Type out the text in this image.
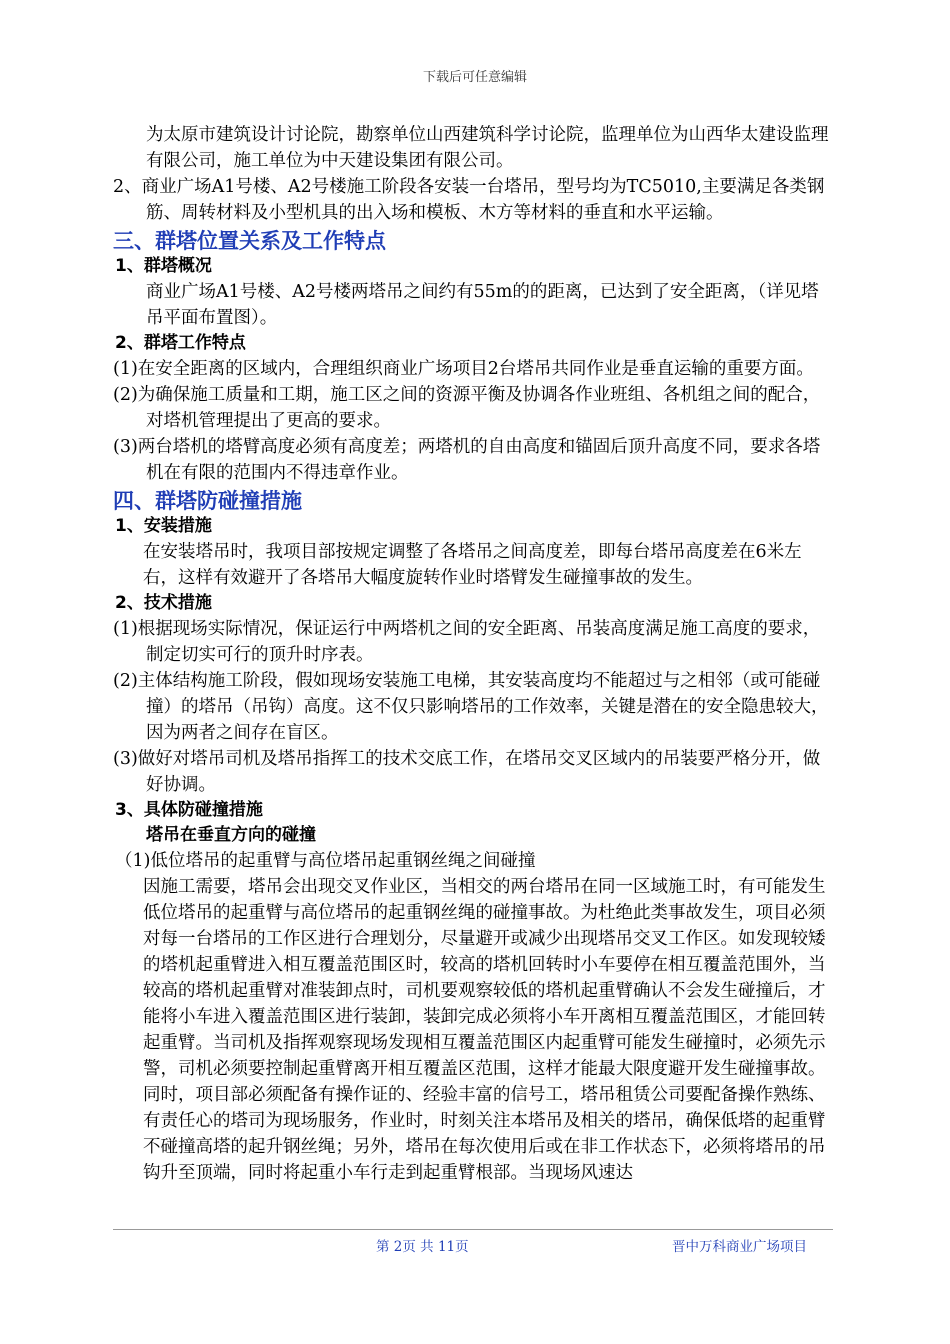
下载后可任意编辑

为太原市建筑设计讨论院，勘察单位山西建筑科学讨论院，监理单位为山西华太建设监理有限公司，施工单位为中天建设集团有限公司。

2、商业广场A1号楼、A2号楼施工阶段各安装一台塔吊，型号均为TC5010,主要满足各类钢筋、周转材料及小型机具的出入场和模板、木方等材料的垂直和水平运输。

三、群塔位置关系及工作特点
1、群塔概况

商业广场A1号楼、A2号楼两塔吊之间约有55m的的距离，已达到了安全距离，（详见塔吊平面布置图）。

2、群塔工作特点

(1)在安全距离的区域内，合理组织商业广场项目2台塔吊共同作业是垂直运输的重要方面。

(2)为确保施工质量和工期，施工区之间的资源平衡及协调各作业班组、各机组之间的配合，对塔机管理提出了更高的要求。

(3)两台塔机的塔臂高度必须有高度差；两塔机的自由高度和锚固后顶升高度不同，要求各塔机在有限的范围内不得违章作业。

四、群塔防碰撞措施
1、安装措施

在安装塔吊时，我项目部按规定调整了各塔吊之间高度差，即每台塔吊高度差在6米左右，这样有效避开了各塔吊大幅度旋转作业时塔臂发生碰撞事故的发生。

2、技术措施

(1)根据现场实际情况，保证运行中两塔机之间的安全距离、吊装高度满足施工高度的要求，制定切实可行的顶升时序表。

(2)主体结构施工阶段，假如现场安装施工电梯，其安装高度均不能超过与之相邻（或可能碰撞）的塔吊（吊钩）高度。这不仅只影响塔吊的工作效率，关键是潜在的安全隐患较大，因为两者之间存在盲区。

(3)做好对塔吊司机及塔吊指挥工的技术交底工作，在塔吊交叉区域内的吊装要严格分开，做好协调。

3、具体防碰撞措施
塔吊在垂直方向的碰撞

（1)低位塔吊的起重臂与高位塔吊起重钢丝绳之间碰撞

因施工需要，塔吊会出现交叉作业区，当相交的两台塔吊在同一区域施工时，有可能发生低位塔吊的起重臂与高位塔吊的起重钢丝绳的碰撞事故。为杜绝此类事故发生，项目必须对每一台塔吊的工作区进行合理划分，尽量避开或减少出现塔吊交叉工作区。如发现较矮的塔机起重臂进入相互覆盖范围区时，较高的塔机回转时小车要停在相互覆盖范围外，当较高的塔机起重臂对准装卸点时，司机要观察较低的塔机起重臂确认不会发生碰撞后，才能将小车进入覆盖范围区进行装卸，装卸完成必须将小车开离相互覆盖范围区，才能回转起重臂。当司机及指挥观察现场发现相互覆盖范围区内起重臂可能发生碰撞时，必须先示警，司机必须要控制起重臂离开相互覆盖区范围，这样才能最大限度避开发生碰撞事故。同时，项目部必须配备有操作证的、经验丰富的信号工，塔吊租赁公司要配备操作熟练、有责任心的塔司为现场服务，作业时，时刻关注本塔吊及相关的塔吊，确保低塔的起重臂不碰撞高塔的起升钢丝绳；另外，塔吊在每次使用后或在非工作状态下，必须将塔吊的吊钩升至顶端，同时将起重小车行走到起重臂根部。当现场风速达

第 2页 共 11页	晋中万科商业广场项目
